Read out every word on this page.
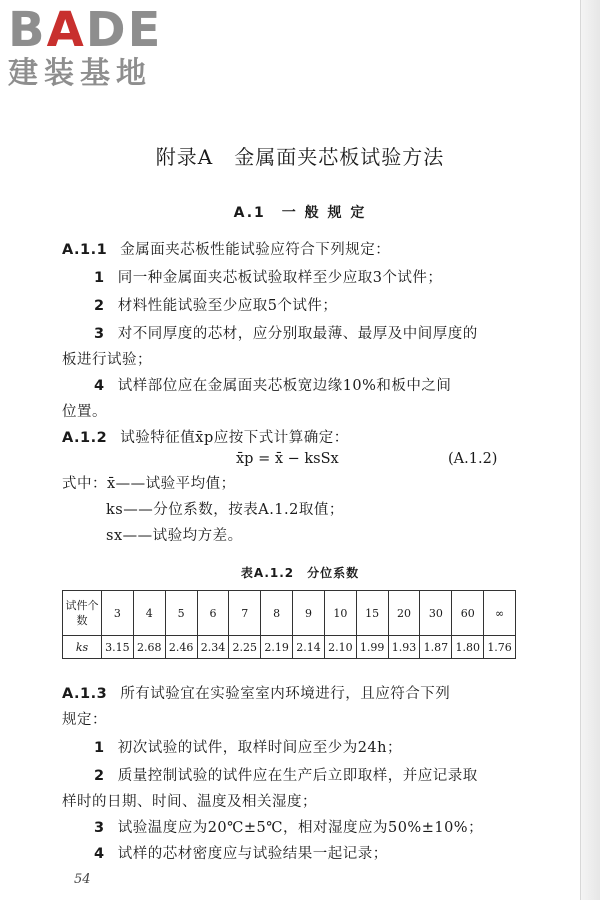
BADE
建装基地
附录A　金属面夹芯板试验方法
A.1　一 般 规 定
A.1.1 金属面夹芯板性能试验应符合下列规定：
1 同一种金属面夹芯板试验取样至少应取3个试件；
2 材料性能试验至少应取5个试件；
3 对不同厚度的芯材，应分别取最薄、最厚及中间厚度的
板进行试验；
4 试样部位应在金属面夹芯板宽边缘10%和板中之间
位置。
A.1.2 试验特征值x̄p应按下式计算确定：
x̄p = x̄ − ksSx	(A.1.2)
式中：x̄——试验平均值；
ks——分位系数，按表A.1.2取值；
sx——试验均方差。
表A.1.2　分位系数
试件个数	3	4	5	6	7	8	9	10	15	20	30	60	∞
ks	3.15	2.68	2.46	2.34	2.25	2.19	2.14	2.10	1.99	1.93	1.87	1.80	1.76
A.1.3 所有试验宜在实验室室内环境进行，且应符合下列
规定：
1 初次试验的试件，取样时间应至少为24h；
2 质量控制试验的试件应在生产后立即取样，并应记录取
样时的日期、时间、温度及相关湿度；
3 试验温度应为20℃±5℃，相对湿度应为50%±10%；
4 试样的芯材密度应与试验结果一起记录；
54
